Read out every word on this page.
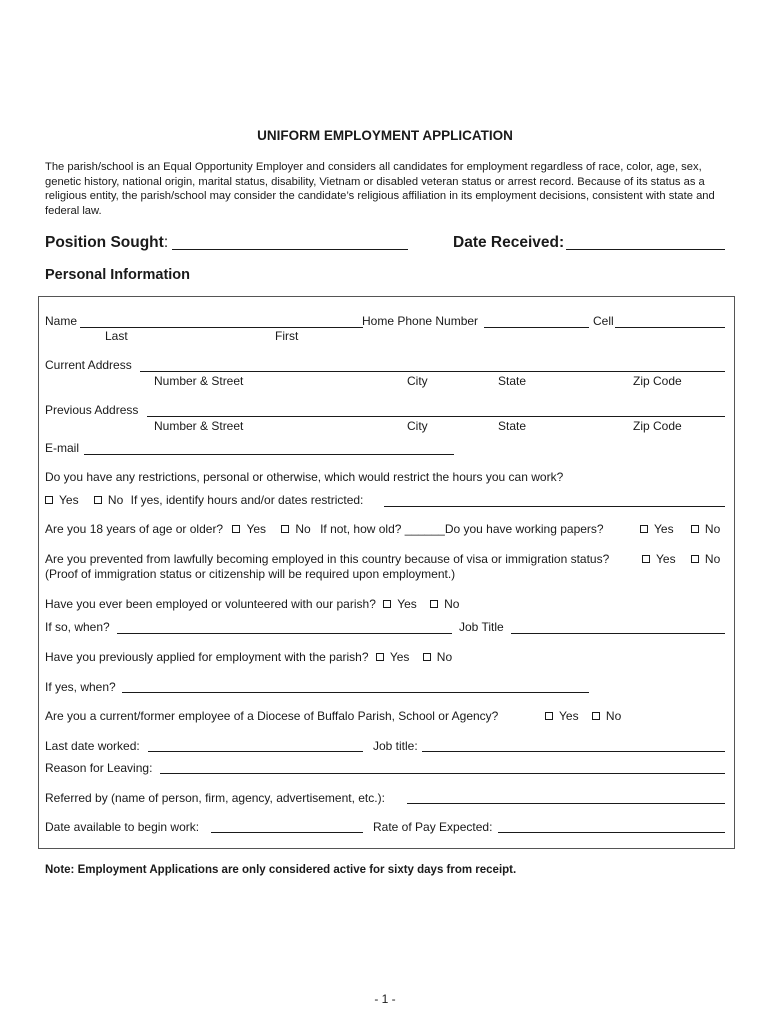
UNIFORM EMPLOYMENT APPLICATION
The parish/school is an Equal Opportunity Employer and considers all candidates for employment regardless of race, color, age, sex, genetic history, national origin, marital status, disability, Vietnam or disabled veteran status or arrest record. Because of its status as a religious entity, the parish/school may consider the candidate’s religious affiliation in its employment decisions, consistent with state and federal law.
Position Sought:	Date Received:
Personal Information
Name	Home Phone Number	Cell
Last	First
Current Address
Number & Street	City	State	Zip Code
Previous Address
Number & Street	City	State	Zip Code
E-mail
Do you have any restrictions, personal or otherwise, which would restrict the hours you can work?
Yes No If yes, identify hours and/or dates restricted:
Are you 18 years of age or older? Yes No If not, how old? ______Do you have working papers?	Yes	No
Are you prevented from lawfully becoming employed in this country because of visa or immigration status?	Yes No
(Proof of immigration status or citizenship will be required upon employment.)
Have you ever been employed or volunteered with our parish? Yes No
If so, when?	Job Title
Have you previously applied for employment with the parish? Yes No
If yes, when?
Are you a current/former employee of a Diocese of Buffalo Parish, School or Agency?	Yes No
Last date worked:	Job title:
Reason for Leaving:
Referred by (name of person, firm, agency, advertisement, etc.):
Date available to begin work:	Rate of Pay Expected:
Note: Employment Applications are only considered active for sixty days from receipt.
- 1 -
